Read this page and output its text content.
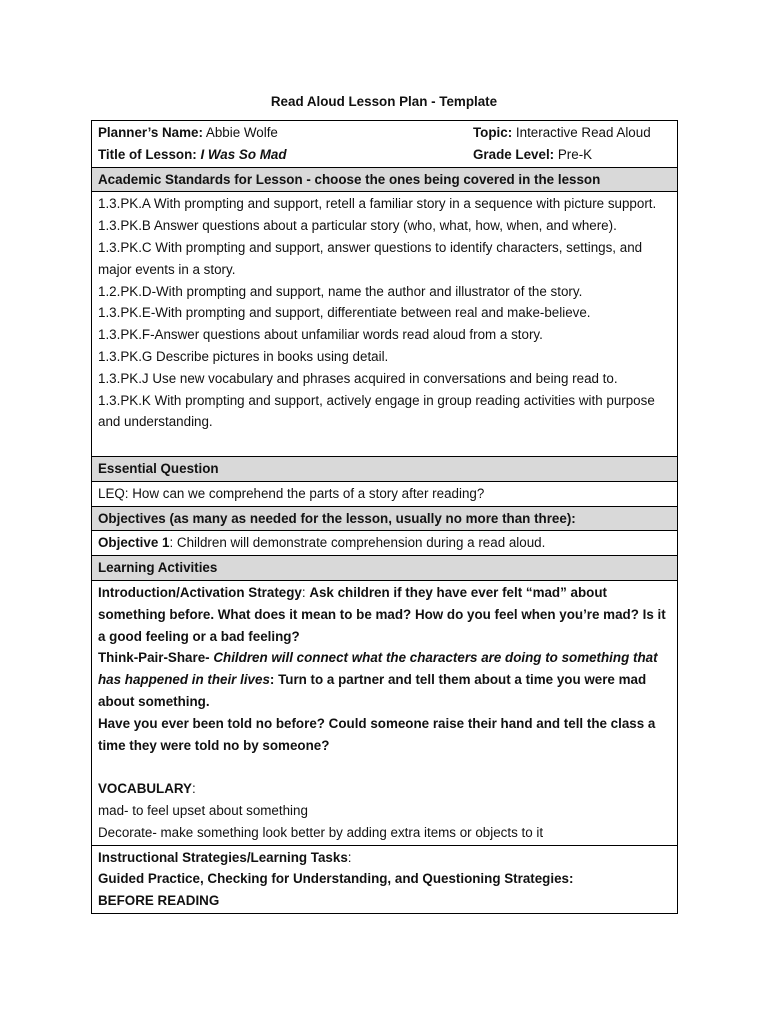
Read Aloud Lesson Plan - Template

Planner’s Name: Abbie Wolfe

Title of Lesson: I Was So Mad

Topic: Interactive Read Aloud

Grade Level: Pre-K

Academic Standards for Lesson - choose the ones being covered in the lesson

1.3.PK.A With prompting and support, retell a familiar story in a sequence with picture support.

1.3.PK.B Answer questions about a particular story (who, what, how, when, and where).

1.3.PK.C With prompting and support, answer questions to identify characters, settings, and major events in a story.

1.2.PK.D-With prompting and support, name the author and illustrator of the story.

1.3.PK.E-With prompting and support, differentiate between real and make-believe.

1.3.PK.F-Answer questions about unfamiliar words read aloud from a story.

1.3.PK.G Describe pictures in books using detail.

1.3.PK.J Use new vocabulary and phrases acquired in conversations and being read to.

1.3.PK.K With prompting and support, actively engage in group reading activities with purpose and understanding.

Essential Question
LEQ: How can we comprehend the parts of a story after reading?
Objectives (as many as needed for the lesson, usually no more than three):
Objective 1: Children will demonstrate comprehension during a read aloud.
Learning Activities

Introduction/Activation Strategy: Ask children if they have ever felt “mad” about something before. What does it mean to be mad? How do you feel when you’re mad? Is it a good feeling or a bad feeling?

Think-Pair-Share- Children will connect what the characters are doing to something that has happened in their lives: Turn to a partner and tell them about a time you were mad about something.

Have you ever been told no before? Could someone raise their hand and tell the class a time they were told no by someone?

VOCABULARY:

mad- to feel upset about something

Decorate- make something look better by adding extra items or objects to it

Instructional Strategies/Learning Tasks:

Guided Practice, Checking for Understanding, and Questioning Strategies:

BEFORE READING
